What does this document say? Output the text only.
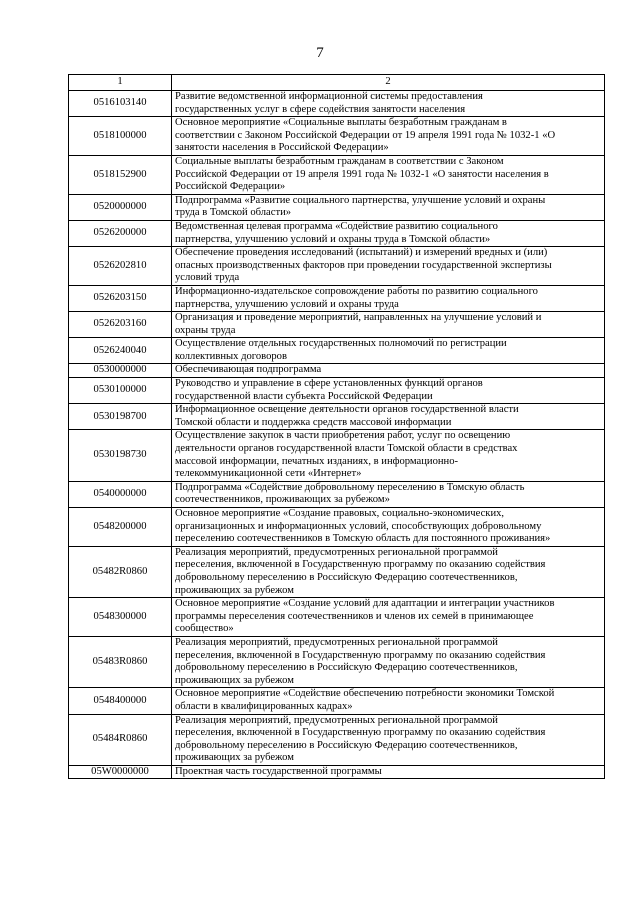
7
1	2
0516103140	Развитие ведомственной информационной системы предоставления
государственных услуг в сфере содействия занятости населения

0518100000	Основное мероприятие «Социальные выплаты безработным гражданам в
соответствии с Законом Российской Федерации от 19 апреля 1991 года № 1032-1 «О
занятости населения в Российской Федерации»

0518152900	Социальные выплаты безработным гражданам в соответствии с Законом
Российской Федерации от 19 апреля 1991 года № 1032-1 «О занятости населения в
Российской Федерации»

0520000000	Подпрограмма «Развитие социального партнерства, улучшение условий и охраны
труда в Томской области»

0526200000	Ведомственная целевая программа «Содействие развитию социального
партнерства, улучшению условий и охраны труда в Томской области»

0526202810	Обеспечение проведения исследований (испытаний) и измерений вредных и (или)
опасных производственных факторов при проведении государственной экспертизы
условий труда

0526203150	Информационно-издательское сопровождение работы по развитию социального
партнерства, улучшению условий и охраны труда

0526203160	Организация и проведение мероприятий, направленных на улучшение условий и
охраны труда

0526240040	Осуществление отдельных государственных полномочий по регистрации
коллективных договоров

0530000000	Обеспечивающая подпрограмма

0530100000	Руководство и управление в сфере установленных функций органов
государственной власти субъекта Российской Федерации

0530198700	Информационное освещение деятельности органов государственной власти
Томской области и поддержка средств массовой информации

0530198730	Осуществление закупок в части приобретения работ, услуг по освещению
деятельности органов государственной власти Томской области в средствах
массовой информации, печатных изданиях, в информационно-
телекоммуникационной сети «Интернет»

0540000000	Подпрограмма «Содействие добровольному переселению в Томскую область
соотечественников, проживающих за рубежом»

0548200000	Основное мероприятие «Создание правовых, социально-экономических,
организационных и информационных условий, способствующих добровольному
переселению соотечественников в Томскую область для постоянного проживания»

05482R0860	Реализация мероприятий, предусмотренных региональной программой
переселения, включенной в Государственную программу по оказанию содействия
добровольному переселению в Российскую Федерацию соотечественников,
проживающих за рубежом

0548300000	Основное мероприятие «Создание условий для адаптации и интеграции участников
программы переселения соотечественников и членов их семей в принимающее
сообщество»

05483R0860	Реализация мероприятий, предусмотренных региональной программой
переселения, включенной в Государственную программу по оказанию содействия
добровольному переселению в Российскую Федерацию соотечественников,
проживающих за рубежом

0548400000	Основное мероприятие «Содействие обеспечению потребности экономики Томской
области в квалифицированных кадрах»

05484R0860	Реализация мероприятий, предусмотренных региональной программой
переселения, включенной в Государственную программу по оказанию содействия
добровольному переселению в Российскую Федерацию соотечественников,
проживающих за рубежом

05W0000000	Проектная часть государственной программы
